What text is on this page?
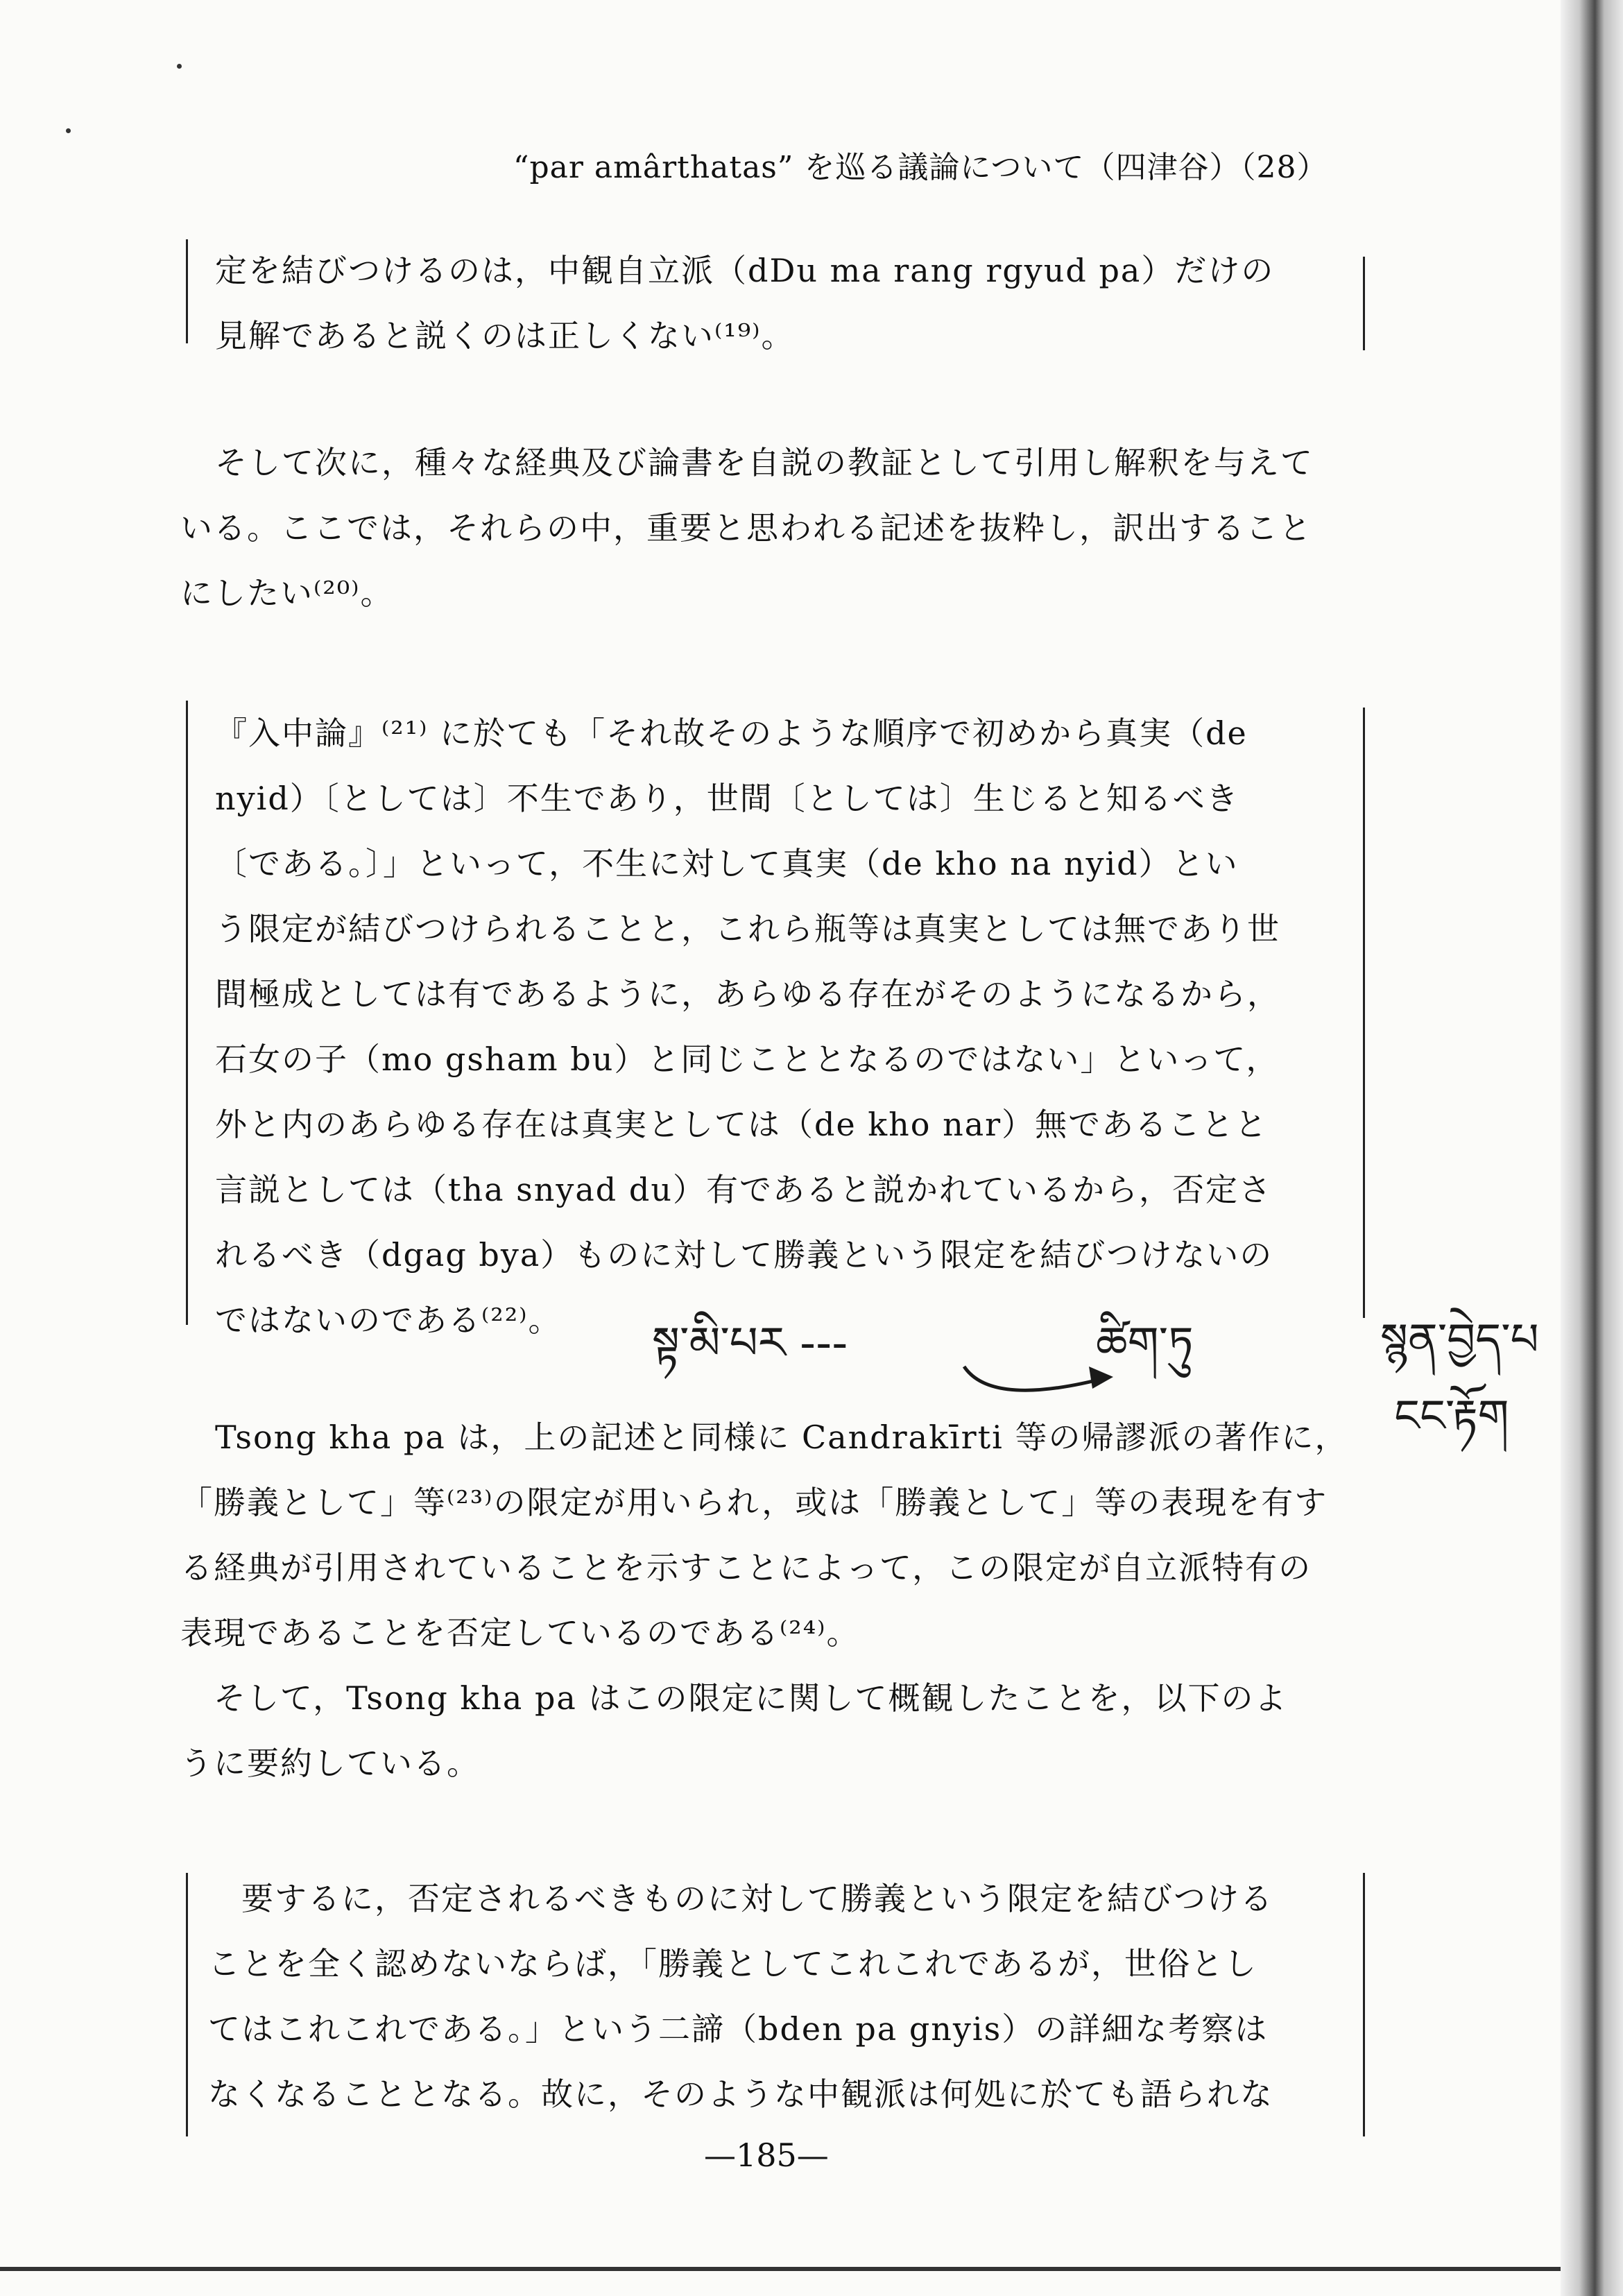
“par amârthatas” を巡る議論について（四津谷）（28）

定を結びつけるのは，中観自立派（dDu ma rang rgyud pa）だけの

見解であると説くのは正しくない⁽¹⁹⁾。

そして次に，種々な経典及び論書を自説の教証として引用し解釈を与えて

いる。ここでは，それらの中，重要と思われる記述を抜粋し，訳出すること

にしたい⁽²⁰⁾。

『入中論』⁽²¹⁾ に於ても「それ故そのような順序で初めから真実（de

nyid）〔としては〕不生であり，世間〔としては〕生じると知るべき

〔である。〕」といって，不生に対して真実（de kho na nyid）とい

う限定が結びつけられることと，これら瓶等は真実としては無であり世

間極成としては有であるように，あらゆる存在がそのようになるから，

石女の子（mo gsham bu）と同じこととなるのではない」といって，

外と内のあらゆる存在は真実としては（de kho nar）無であることと

言説としては（tha snyad du）有であると説かれているから，否定さ

れるべき（dgag bya）ものに対して勝義という限定を結びつけないの

ではないのである⁽²²⁾。	སྟ་མི་པར ---	ཚིག་ཏུ	སྙན་བྱེད་པ
ངང་རྟོག

Tsong kha pa は，上の記述と同様に Candrakīrti 等の帰謬派の著作に，

「勝義として」等⁽²³⁾の限定が用いられ，或は「勝義として」等の表現を有す

る経典が引用されていることを示すことによって，この限定が自立派特有の

表現であることを否定しているのである⁽²⁴⁾。

　そして，Tsong kha pa はこの限定に関して概観したことを，以下のよ

うに要約している。

　要するに，否定されるべきものに対して勝義という限定を結びつける

ことを全く認めないならば，「勝義としてこれこれであるが，世俗とし

てはこれこれである。」という二諦（bden pa gnyis）の詳細な考察は

なくなることとなる。故に，そのような中観派は何処に於ても語られな

—185—
